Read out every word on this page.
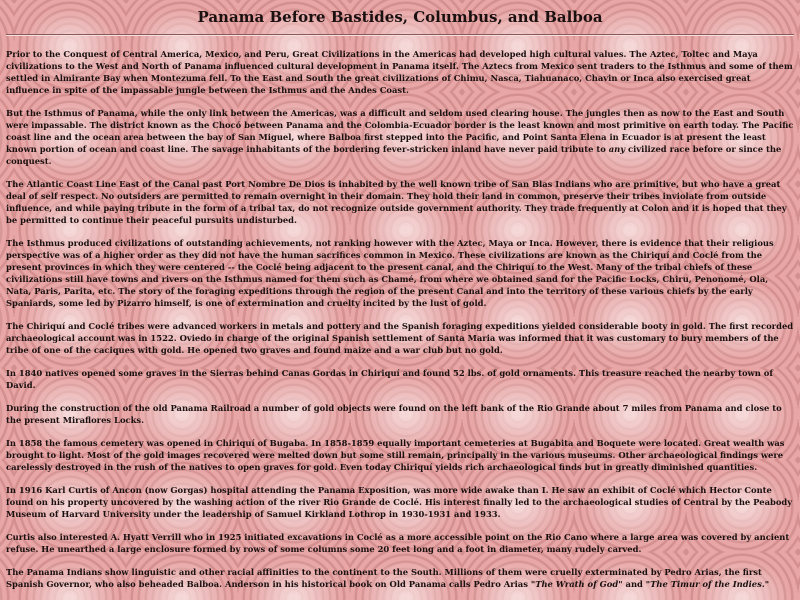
Panama Before Bastides, Columbus, and Balboa

Prior to the Conquest of Central America, Mexico, and Peru, Great Civilizations in the Americas had developed high cultural values. The Aztec, Toltec and Maya civilizations to the West and North of Panama influenced cultural development in Panama itself. The Aztecs from Mexico sent traders to the Isthmus and some of them settled in Almirante Bay when Montezuma fell. To the East and South the great civilizations of Chimu, Nasca, Tiahuanaco, Chavin or Inca also exercised great influence in spite of the impassable jungle between the Isthmus and the Andes Coast.

But the Isthmus of Panama, while the only link between the Americas, was a difficult and seldom used clearing house. The jungles then as now to the East and South were impassable. The district known as the Chocó between Panama and the Colombia-Ecuador border is the least known and most primitive on earth today. The Pacific coast line and the ocean area between the bay of San Miguel, where Balboa first stepped into the Pacific, and Point Santa Elena in Ecuador is at present the least known portion of ocean and coast line. The savage inhabitants of the bordering fever-stricken inland have never paid tribute to any civilized race before or since the conquest.

The Atlantic Coast Line East of the Canal past Port Nombre De Dios is inhabited by the well known tribe of San Blas Indians who are primitive, but who have a great deal of self respect. No outsiders are permitted to remain overnight in their domain. They hold their land in common, preserve their tribes inviolate from outside influence, and while paying tribute in the form of a tribal tax, do not recognize outside government authority. They trade frequently at Colon and it is hoped that they be permitted to continue their peaceful pursuits undisturbed.

The Isthmus produced civilizations of outstanding achievements, not ranking however with the Aztec, Maya or Inca. However, there is evidence that their religious perspective was of a higher order as they did not have the human sacrifices common in Mexico. These civilizations are known as the Chiriquí and Coclé from the present provinces in which they were centered -- the Coclé being adjacent to the present canal, and the Chiriquí to the West. Many of the tribal chiefs of these civilizations still have towns and rivers on the Isthmus named for them such as Chamé, from where we obtained sand for the Pacific Locks, Chiru, Penonomé, Ola, Nata, Paris, Parita, etc. The story of the foraging expeditions through the region of the present Canal and into the territory of these various chiefs by the early Spaniards, some led by Pizarro himself, is one of extermination and cruelty incited by the lust of gold.

The Chiriquí and Coclé tribes were advanced workers in metals and pottery and the Spanish foraging expeditions yielded considerable booty in gold. The first recorded archaeological account was in 1522. Oviedo in charge of the original Spanish settlement of Santa Maria was informed that it was customary to bury members of the tribe of one of the caciques with gold. He opened two graves and found maize and a war club but no gold.

In 1840 natives opened some graves in the Sierras behind Canas Gordas in Chiriquí and found 52 lbs. of gold ornaments. This treasure reached the nearby town of David.

During the construction of the old Panama Railroad a number of gold objects were found on the left bank of the Rio Grande about 7 miles from Panama and close to the present Miraflores Locks.

In 1858 the famous cemetery was opened in Chiriquí of Bugaba. In 1858-1859 equally important cemeteries at Bugabita and Boquete were located. Great wealth was brought to light. Most of the gold images recovered were melted down but some still remain, principally in the various museums. Other archaeological findings were carelessly destroyed in the rush of the natives to open graves for gold. Even today Chiriquí yields rich archaeological finds but in greatly diminished quantities.

In 1916 Karl Curtis of Ancon (now Gorgas) hospital attending the Panama Exposition, was more wide awake than I. He saw an exhibit of Coclé which Hector Conte found on his property uncovered by the washing action of the river Rio Grande de Coclé. His interest finally led to the archaeological studies of Central by the Peabody Museum of Harvard University under the leadership of Samuel Kirkland Lothrop in 1930-1931 and 1933.

Curtis also interested A. Hyatt Verrill who in 1925 initiated excavations in Coclé as a more accessible point on the Rio Cano where a large area was covered by ancient refuse. He unearthed a large enclosure formed by rows of some columns some 20 feet long and a foot in diameter, many rudely carved.

The Panama Indians show linguistic and other racial affinities to the continent to the South. Millions of them were cruelly exterminated by Pedro Arias, the first Spanish Governor, who also beheaded Balboa. Anderson in his historical book on Old Panama calls Pedro Arias "The Wrath of God" and "The Timur of the Indies."
